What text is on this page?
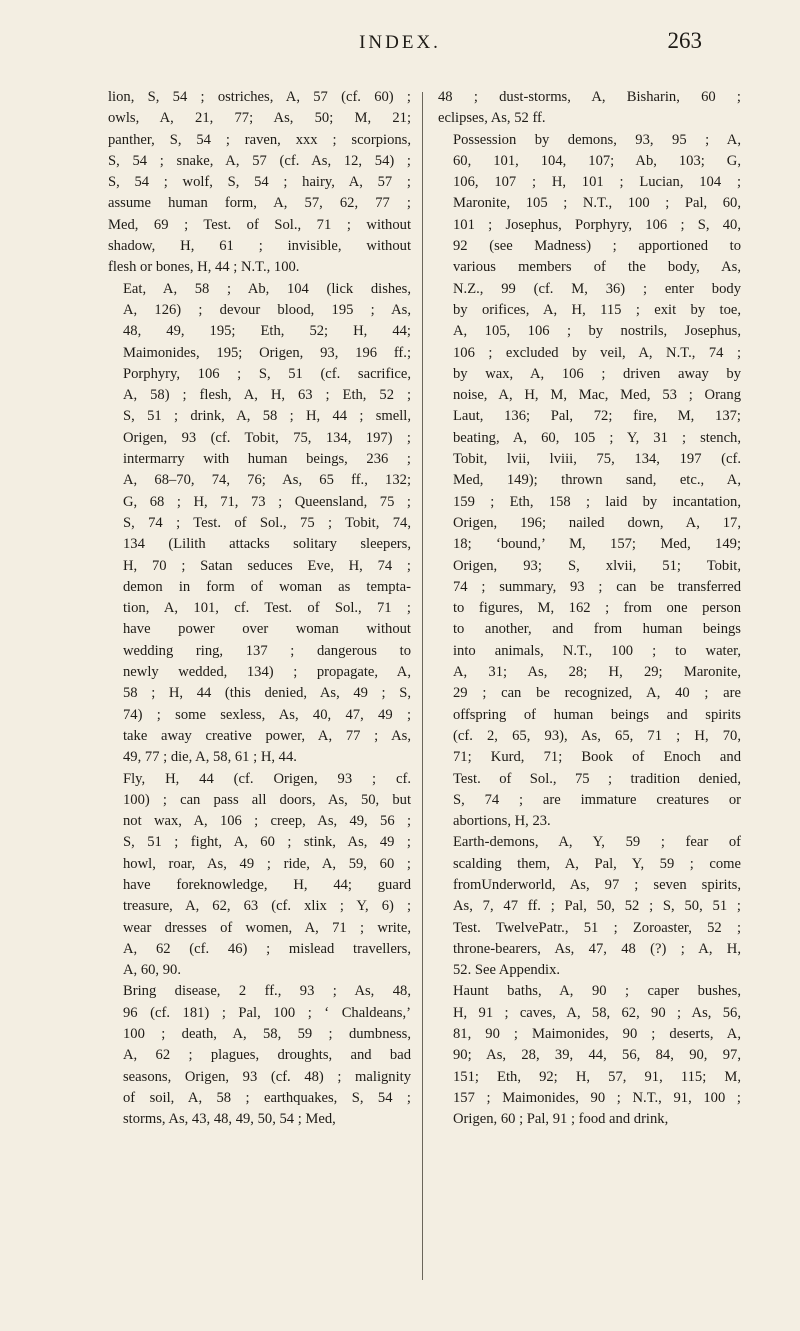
INDEX.	263
lion, S, 54 ; ostriches, A, 57 (cf. 60) ;
owls, A, 21, 77; As, 50; M, 21;
panther, S, 54 ; raven, xxx ; scorpions,
S, 54 ; snake, A, 57 (cf. As, 12, 54) ;
S, 54 ; wolf, S, 54 ; hairy, A, 57 ;
assume human form, A, 57, 62, 77 ;
Med, 69 ; Test. of Sol., 71 ; without
shadow, H, 61 ; invisible, without
flesh or bones, H, 44 ; N.T., 100.
Eat, A, 58 ; Ab, 104 (lick dishes,
A, 126) ; devour blood, 195 ; As,
48, 49, 195; Eth, 52; H, 44;
Maimonides, 195; Origen, 93, 196 ff.;
Porphyry, 106 ; S, 51 (cf. sacrifice,
A, 58) ; flesh, A, H, 63 ; Eth, 52 ;
S, 51 ; drink, A, 58 ; H, 44 ; smell,
Origen, 93 (cf. Tobit, 75, 134, 197) ;
intermarry with human beings, 236 ;
A, 68–70, 74, 76; As, 65 ff., 132;
G, 68 ; H, 71, 73 ; Queensland, 75 ;
S, 74 ; Test. of Sol., 75 ; Tobit, 74,
134 (Lilith attacks solitary sleepers,
H, 70 ; Satan seduces Eve, H, 74 ;
demon in form of woman as tempta-
tion, A, 101, cf. Test. of Sol., 71 ;
have power over woman without
wedding ring, 137 ; dangerous to
newly wedded, 134) ; propagate, A,
58 ; H, 44 (this denied, As, 49 ; S,
74) ; some sexless, As, 40, 47, 49 ;
take away creative power, A, 77 ; As,
49, 77 ; die, A, 58, 61 ; H, 44.
Fly, H, 44 (cf. Origen, 93 ; cf.
100) ; can pass all doors, As, 50, but
not wax, A, 106 ; creep, As, 49, 56 ;
S, 51 ; fight, A, 60 ; stink, As, 49 ;
howl, roar, As, 49 ; ride, A, 59, 60 ;
have foreknowledge, H, 44; guard
treasure, A, 62, 63 (cf. xlix ; Y, 6) ;
wear dresses of women, A, 71 ; write,
A, 62 (cf. 46) ; mislead travellers,
A, 60, 90.
Bring disease, 2 ff., 93 ; As, 48,
96 (cf. 181) ; Pal, 100 ; ‘ Chaldeans,’
100 ; death, A, 58, 59 ; dumbness,
A, 62 ; plagues, droughts, and bad
seasons, Origen, 93 (cf. 48) ; malignity
of soil, A, 58 ; earthquakes, S, 54 ;
storms, As, 43, 48, 49, 50, 54 ; Med,
48 ; dust-storms, A, Bisharin, 60 ;
eclipses, As, 52 ff.
Possession by demons, 93, 95 ; A,
60, 101, 104, 107; Ab, 103; G,
106, 107 ; H, 101 ; Lucian, 104 ;
Maronite, 105 ; N.T., 100 ; Pal, 60,
101 ; Josephus, Porphyry, 106 ; S, 40,
92 (see Madness) ; apportioned to
various members of the body, As,
N.Z., 99 (cf. M, 36) ; enter body
by orifices, A, H, 115 ; exit by toe,
A, 105, 106 ; by nostrils, Josephus,
106 ; excluded by veil, A, N.T., 74 ;
by wax, A, 106 ; driven away by
noise, A, H, M, Mac, Med, 53 ; Orang
Laut, 136; Pal, 72; fire, M, 137;
beating, A, 60, 105 ; Y, 31 ; stench,
Tobit, lvii, lviii, 75, 134, 197 (cf.
Med, 149); thrown sand, etc., A,
159 ; Eth, 158 ; laid by incantation,
Origen, 196; nailed down, A, 17,
18; ‘bound,’ M, 157; Med, 149;
Origen, 93; S, xlvii, 51; Tobit,
74 ; summary, 93 ; can be transferred
to figures, M, 162 ; from one person
to another, and from human beings
into animals, N.T., 100 ; to water,
A, 31; As, 28; H, 29; Maronite,
29 ; can be recognized, A, 40 ; are
offspring of human beings and spirits
(cf. 2, 65, 93), As, 65, 71 ; H, 70,
71; Kurd, 71; Book of Enoch and
Test. of Sol., 75 ; tradition denied,
S, 74 ; are immature creatures or
abortions, H, 23.
Earth-demons, A, Y, 59 ; fear of
scalding them, A, Pal, Y, 59 ; come
fromUnderworld, As, 97 ; seven spirits,
As, 7, 47 ff. ; Pal, 50, 52 ; S, 50, 51 ;
Test. TwelvePatr., 51 ; Zoroaster, 52 ;
throne-bearers, As, 47, 48 (?) ; A, H,
52. See Appendix.
Haunt baths, A, 90 ; caper bushes,
H, 91 ; caves, A, 58, 62, 90 ; As, 56,
81, 90 ; Maimonides, 90 ; deserts, A,
90; As, 28, 39, 44, 56, 84, 90, 97,
151; Eth, 92; H, 57, 91, 115; M,
157 ; Maimonides, 90 ; N.T., 91, 100 ;
Origen, 60 ; Pal, 91 ; food and drink,
